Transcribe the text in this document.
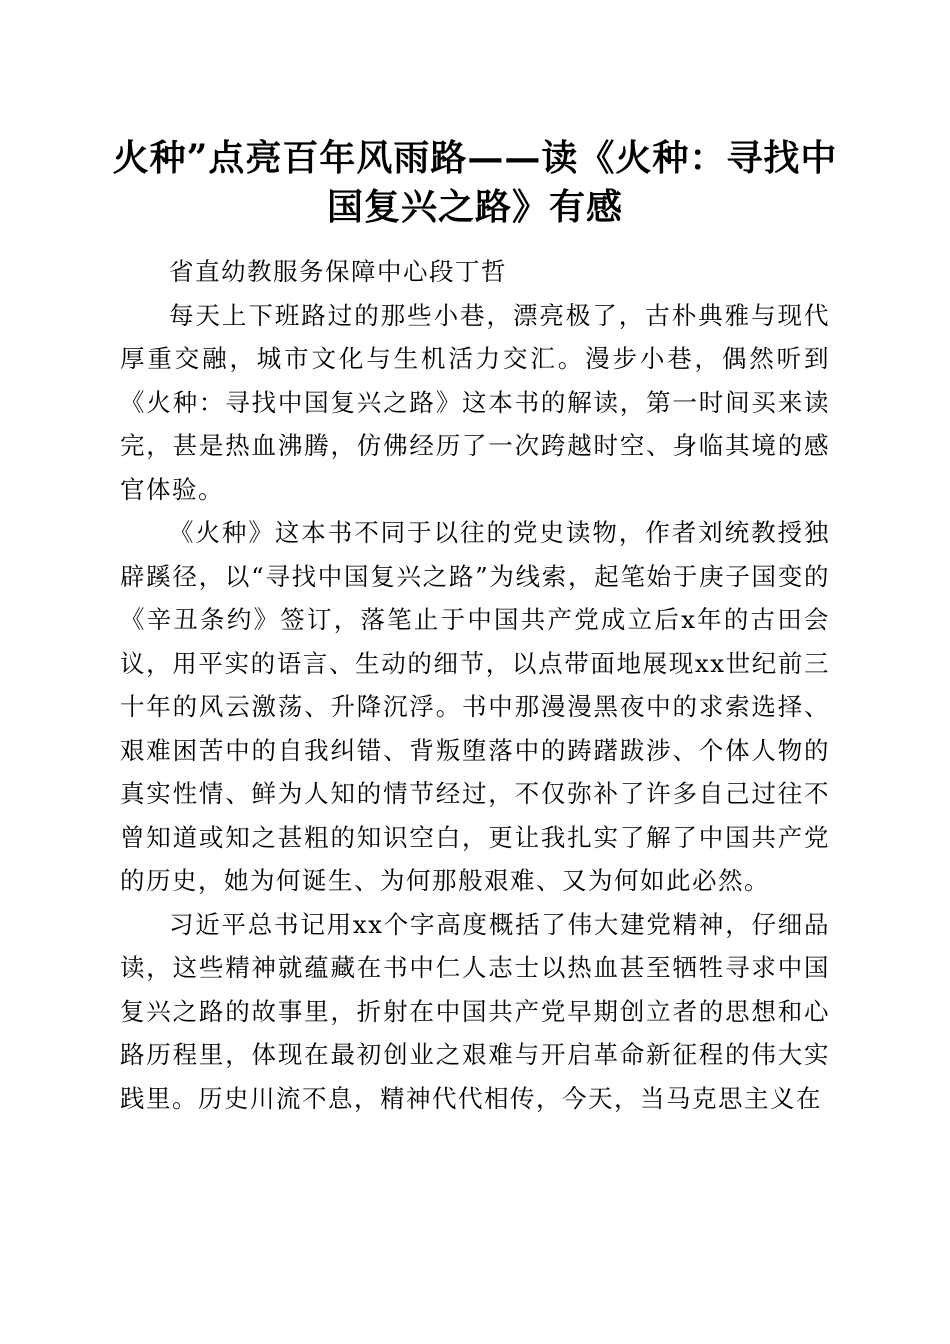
火种”点亮百年风雨路——读《火种：寻找中国复兴之路》有感

省直幼教服务保障中心段丁哲

每天上下班路过的那些小巷，漂亮极了，古朴典雅与现代厚重交融，城市文化与生机活力交汇。漫步小巷，偶然听到《火种：寻找中国复兴之路》这本书的解读，第一时间买来读完，甚是热血沸腾，仿佛经历了一次跨越时空、身临其境的感官体验。

《火种》这本书不同于以往的党史读物，作者刘统教授独辟蹊径，以“寻找中国复兴之路”为线索，起笔始于庚子国变的《辛丑条约》签订，落笔止于中国共产党成立后x年的古田会议，用平实的语言、生动的细节，以点带面地展现xx世纪前三十年的风云激荡、升降沉浮。书中那漫漫黑夜中的求索选择、艰难困苦中的自我纠错、背叛堕落中的踌躇跋涉、个体人物的真实性情、鲜为人知的情节经过，不仅弥补了许多自己过往不曾知道或知之甚粗的知识空白，更让我扎实了解了中国共产党的历史，她为何诞生、为何那般艰难、又为何如此必然。

习近平总书记用xx个字高度概括了伟大建党精神，仔细品读，这些精神就蕴藏在书中仁人志士以热血甚至牺牲寻求中国复兴之路的故事里，折射在中国共产党早期创立者的思想和心路历程里，体现在最初创业之艰难与开启革命新征程的伟大实践里。历史川流不息，精神代代相传，今天，当马克思主义在
